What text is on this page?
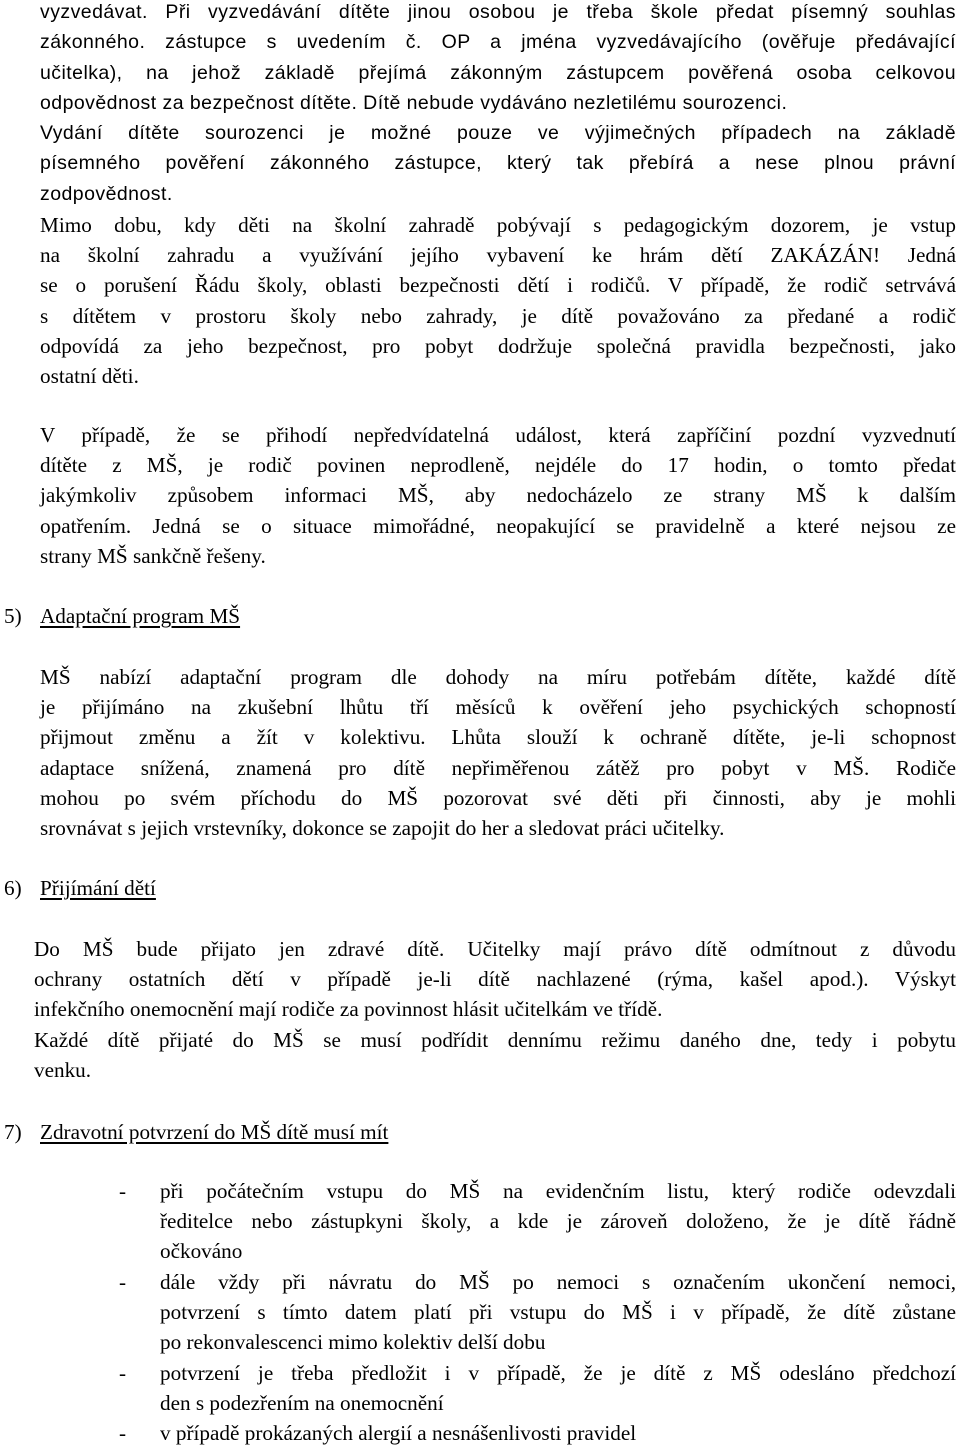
vyzvedávat. Při vyzvedávání dítěte jinou osobou je třeba škole předat písemný souhlas
zákonného. zástupce s uvedením č. OP a jména vyzvedávajícího (ověřuje předávající
učitelka), na jehož základě přejímá zákonným zástupcem pověřená osoba celkovou
odpovědnost za bezpečnost dítěte. Dítě nebude vydáváno nezletilému sourozenci.
Vydání dítěte sourozenci je možné pouze ve výjimečných případech na základě
písemného pověření zákonného zástupce, který tak přebírá a nese plnou právní
zodpovědnost.
Mimo dobu, kdy děti na školní zahradě pobývají s pedagogickým dozorem, je vstup
na školní zahradu a využívání jejího vybavení ke hrám dětí ZAKÁZÁN! Jedná
se o porušení Řádu školy, oblasti bezpečnosti dětí i rodičů. V případě, že rodič setrvává
s dítětem v prostoru školy nebo zahrady, je dítě považováno za předané a rodič
odpovídá za jeho bezpečnost, pro pobyt dodržuje společná pravidla bezpečnosti, jako
ostatní děti.
V případě, že se přihodí nepředvídatelná událost, která zapříčiní pozdní vyzvednutí
dítěte z MŠ, je rodič povinen neprodleně, nejdéle do 17 hodin, o tomto předat
jakýmkoliv způsobem informaci MŠ, aby nedocházelo ze strany MŠ k dalším
opatřením. Jedná se o situace mimořádné, neopakující se pravidelně a které nejsou ze
strany MŠ sankčně řešeny.
5) Adaptační program MŠ
MŠ nabízí adaptační program dle dohody na míru potřebám dítěte, každé dítě
je přijímáno na zkušební lhůtu tří měsíců k ověření jeho psychických schopností
přijmout změnu a žít v kolektivu. Lhůta slouží k ochraně dítěte, je-li schopnost
adaptace snížená, znamená pro dítě nepřiměřenou zátěž pro pobyt v MŠ. Rodiče
mohou po svém příchodu do MŠ pozorovat své děti při činnosti, aby je mohli
srovnávat s jejich vrstevníky, dokonce se zapojit do her a sledovat práci učitelky.
6) Přijímání dětí
Do MŠ bude přijato jen zdravé dítě. Učitelky mají právo dítě odmítnout z důvodu
ochrany ostatních dětí v případě je-li dítě nachlazené (rýma, kašel apod.). Výskyt
infekčního onemocnění mají rodiče za povinnost hlásit učitelkám ve třídě.
Každé dítě přijaté do MŠ se musí podřídit dennímu režimu daného dne, tedy i pobytu
venku.
7) Zdravotní potvrzení do MŠ dítě musí mít
- při počátečním vstupu do MŠ na evidenčním listu, který rodiče odevzdali
ředitelce nebo zástupkyni školy, a kde je zároveň doloženo, že je dítě řádně
očkováno
- dále vždy při návratu do MŠ po nemoci s označením ukončení nemoci,
potvrzení s tímto datem platí při vstupu do MŠ i v případě, že dítě zůstane
po rekonvalescenci mimo kolektiv delší dobu
- potvrzení je třeba předložit i v případě, že je dítě z MŠ odesláno předchozí
den s podezřením na onemocnění
- v případě prokázaných alergií a nesnášenlivosti pravidel
